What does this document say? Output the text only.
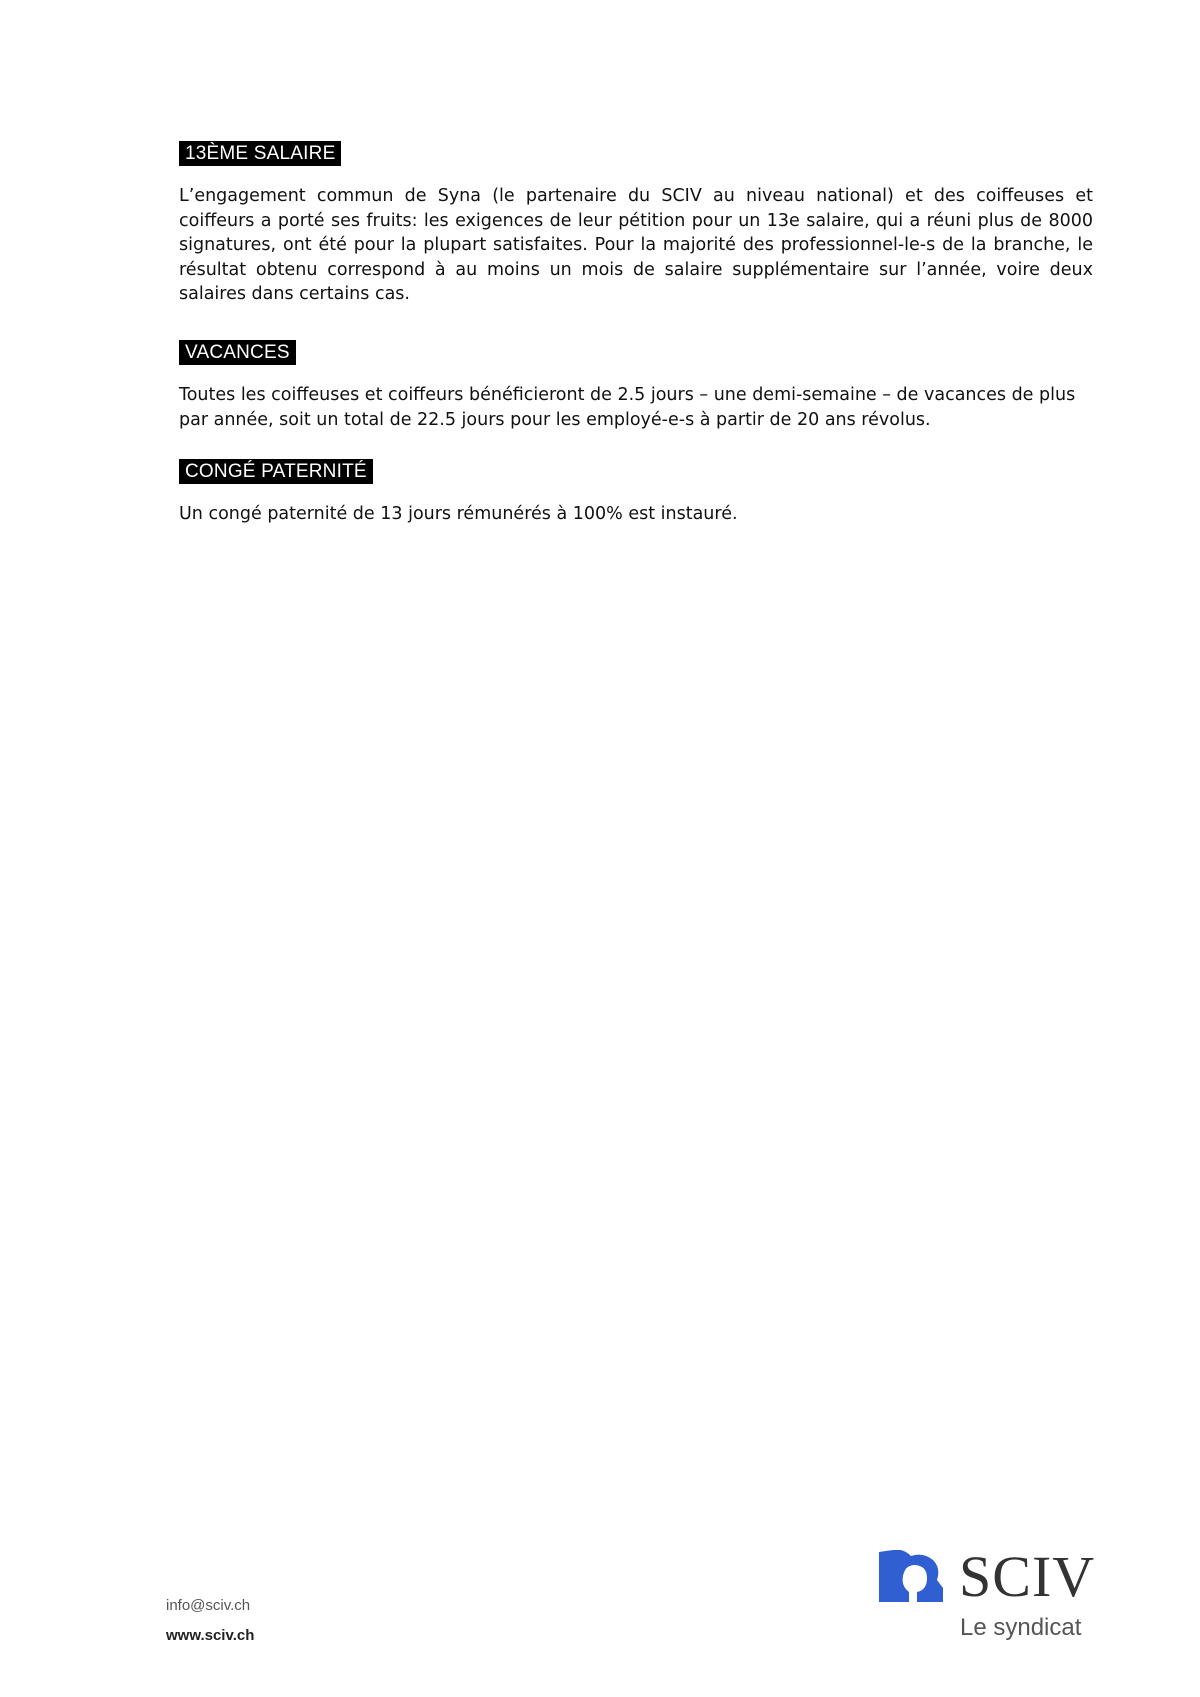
13ÈME SALAIRE

L’engagement commun de Syna (le partenaire du SCIV au niveau national) et des coiffeuses et coiffeurs a porté ses fruits: les exigences de leur pétition pour un 13e salaire, qui a réuni plus de 8000 signatures, ont été pour la plupart satisfaites. Pour la majorité des professionnel-le-s de la branche, le résultat obtenu correspond à au moins un mois de salaire supplémentaire sur l’année, voire deux salaires dans certains cas.

VACANCES

Toutes les coiffeuses et coiffeurs bénéficieront de 2.5 jours – une demi-semaine – de vacances de plus par année, soit un total de 22.5 jours pour les employé-e-s à partir de 20 ans révolus.

CONGÉ PATERNITÉ

Un congé paternité de 13 jours rémunérés à 100% est instauré.

info@sciv.ch

www.sciv.ch

SCIV
Le syndicat
